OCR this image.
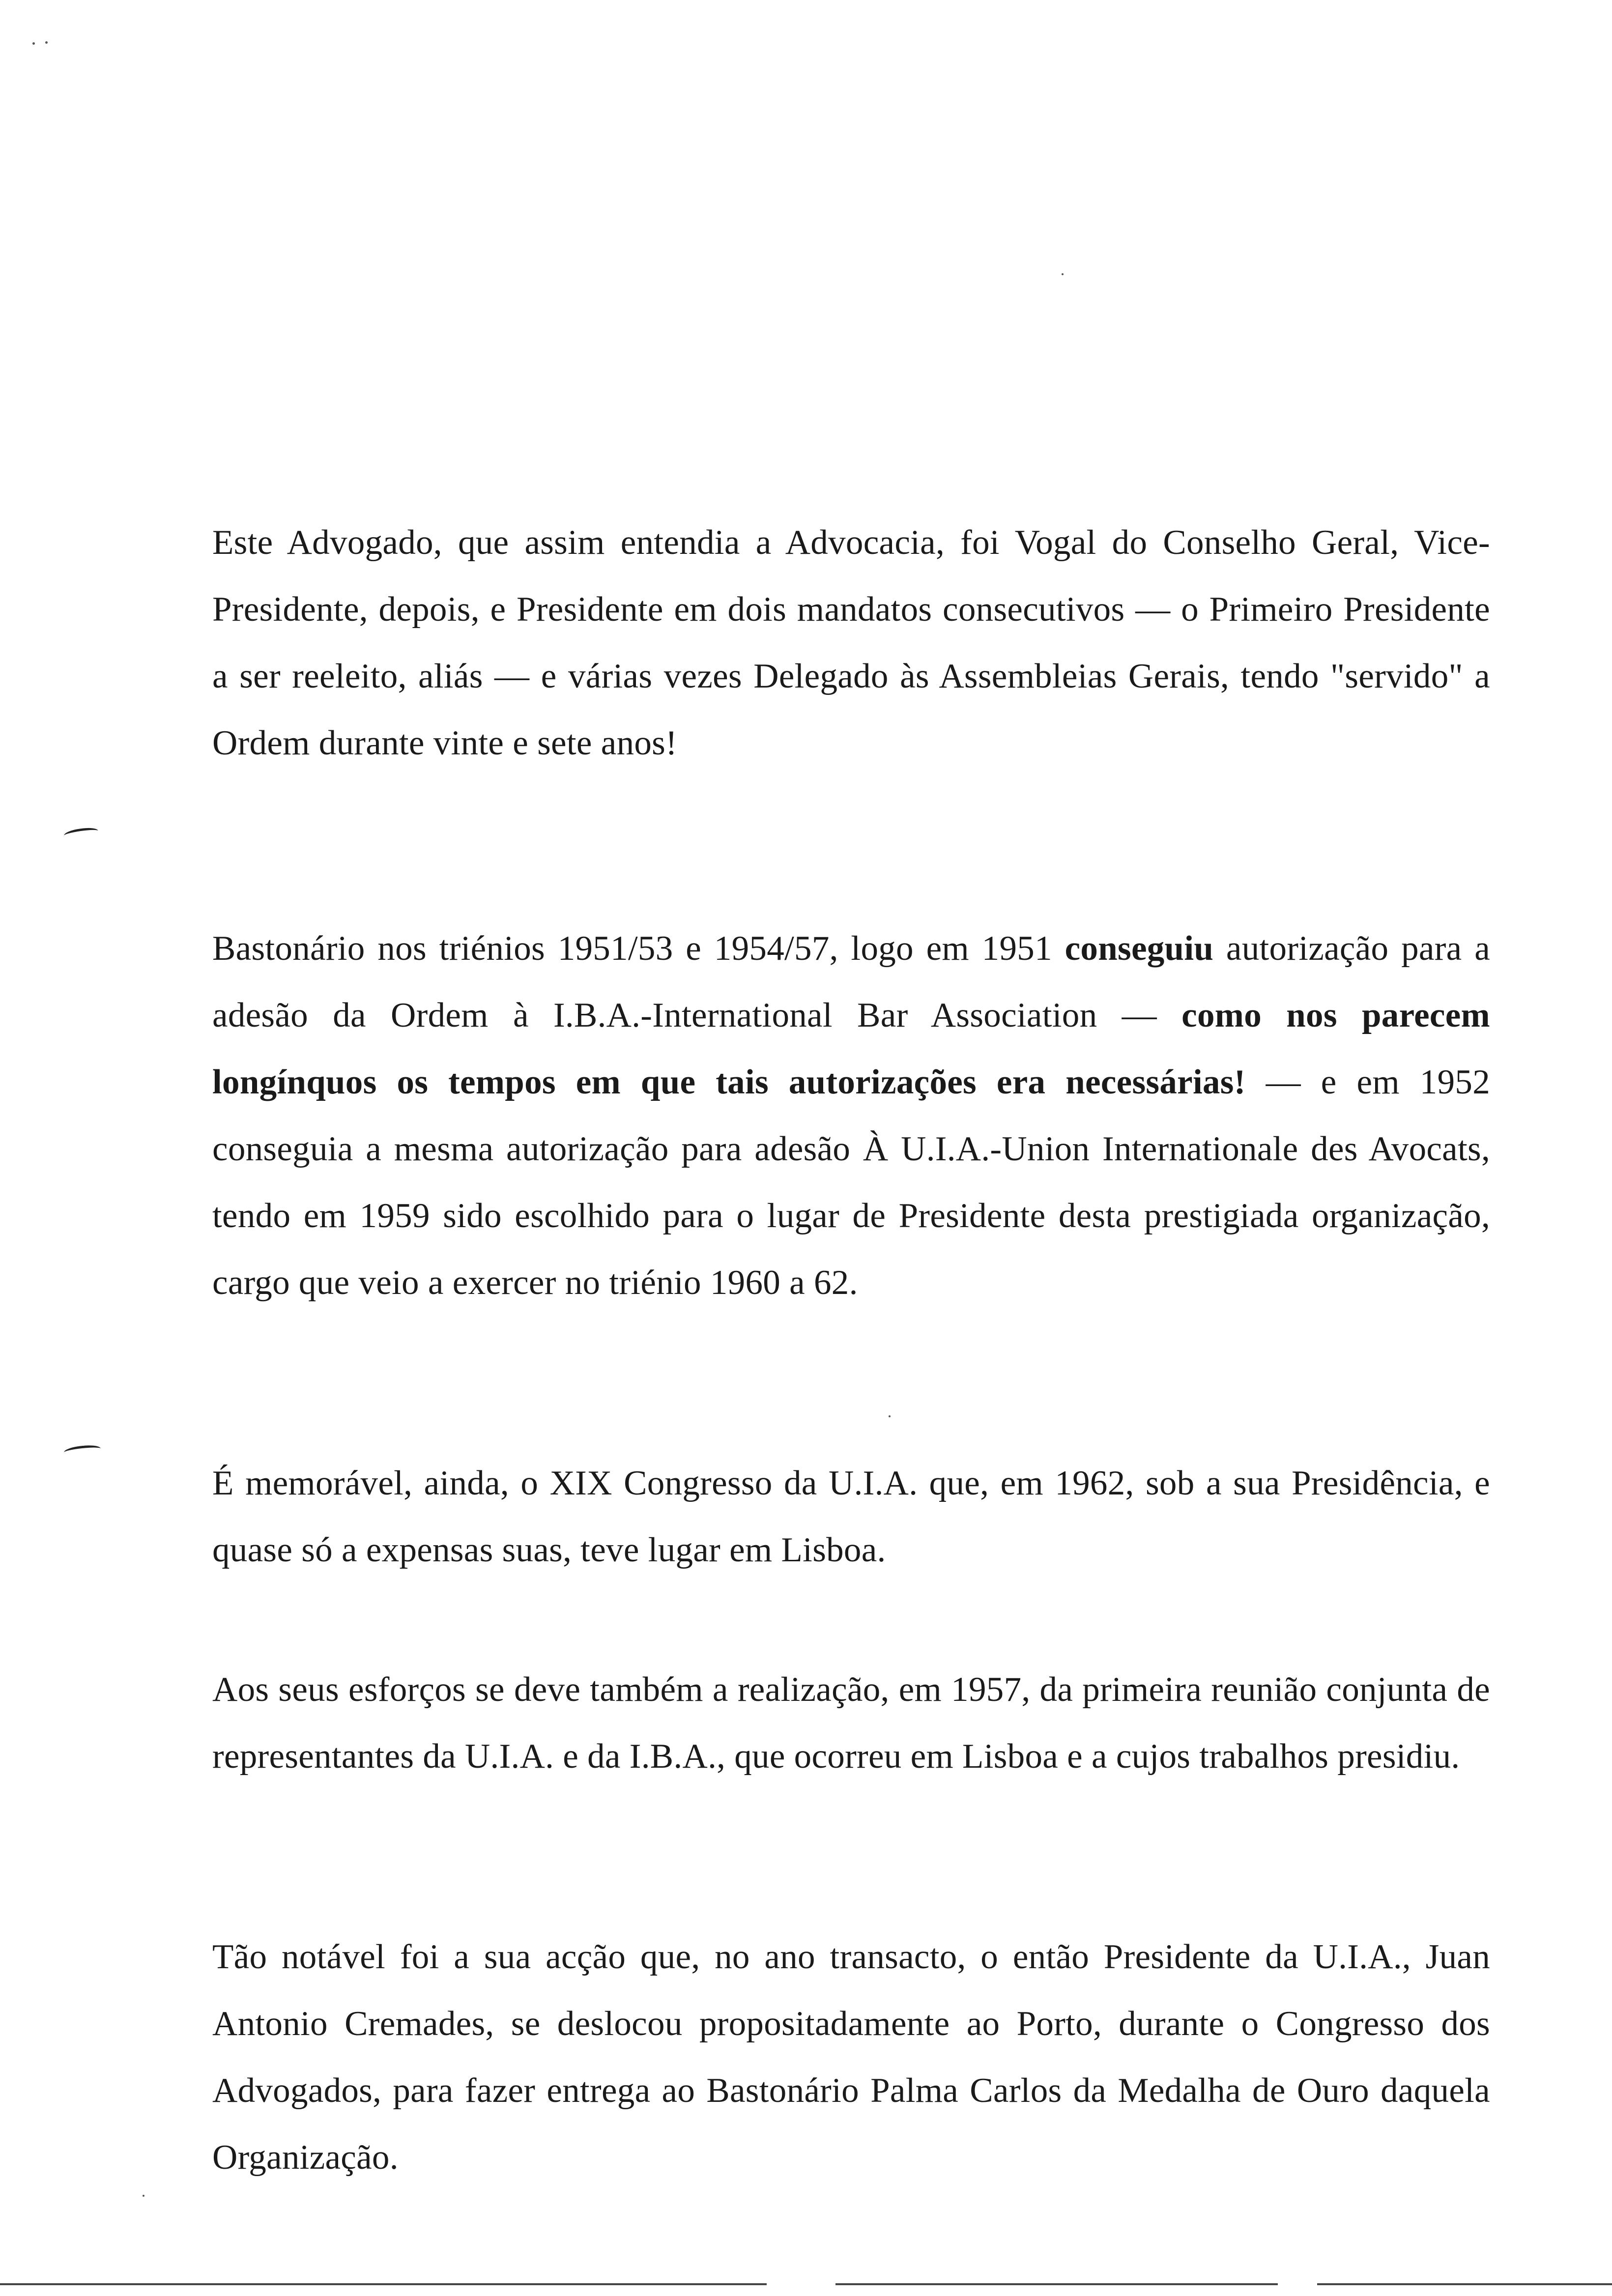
Este Advogado, que assim entendia a Advocacia, foi Vogal do Conselho Geral, Vice-Presidente, depois, e Presidente em dois mandatos consecutivos — o Primeiro Presidente a ser reeleito, aliás — e várias vezes Delegado às Assembleias Gerais, tendo "servido" a Ordem durante vinte e sete anos!
Bastonário nos triénios 1951/53 e 1954/57, logo em 1951 conseguiu autorização para a adesão da Ordem à I.B.A.-International Bar Association — como nos parecem longínquos os tempos em que tais autorizações era necessárias! — e em 1952 conseguia a mesma autorização para adesão À U.I.A.-Union Internationale des Avocats, tendo em 1959 sido escolhido para o lugar de Presidente desta prestigiada organização, cargo que veio a exercer no triénio 1960 a 62.
É memorável, ainda, o XIX Congresso da U.I.A. que, em 1962, sob a sua Presidência, e quase só a expensas suas, teve lugar em Lisboa.
Aos seus esforços se deve também a realização, em 1957, da primeira reunião conjunta de representantes da U.I.A. e da I.B.A., que ocorreu em Lisboa e a cujos trabalhos presidiu.
Tão notável foi a sua acção que, no ano transacto, o então Presidente da U.I.A., Juan Antonio Cremades, se deslocou propositadamente ao Porto, durante o Congresso dos Advogados, para fazer entrega ao Bastonário Palma Carlos da Medalha de Ouro daquela Organização.
